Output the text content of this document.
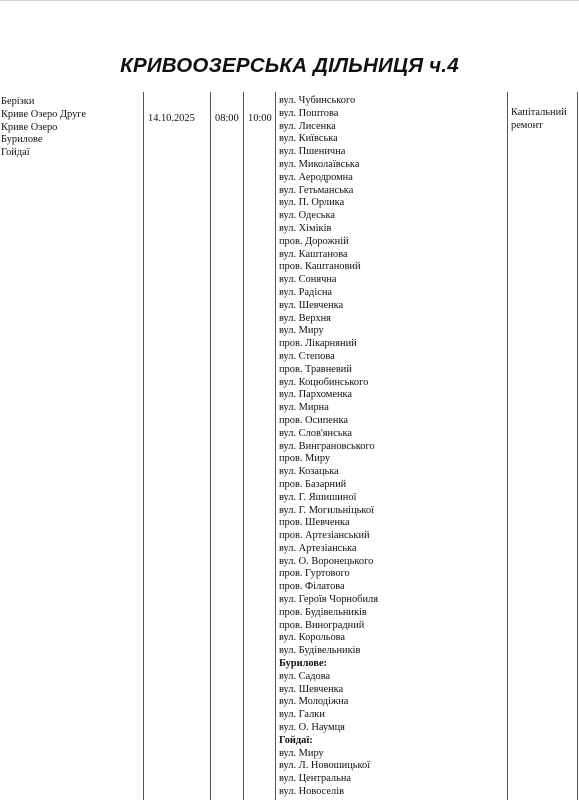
КРИВООЗЕРСЬКА ДІЛЬНИЦЯ ч.4
Берізки
Криве Озеро Друге
Криве Озеро
Бурилове
Гойдаї
14.10.2025 08:00 10:00
вул. Чубинського
вул. Поштова
вул. Лисенка
вул. Київська
вул. Пшенична
вул. Миколаївська
вул. Аеродромна
вул. Гетьманська
вул. П. Орлика
вул. Одеська
вул. Хіміків
пров. Дорожній
вул. Каштанова
пров. Каштановий
вул. Сонячна
вул. Радісна
вул. Шевченка
вул. Верхня
вул. Миру
пров. Лікарняний
вул. Степова
пров. Травневий
вул. Коцюбинського
вул. Пархоменка
вул. Мирна
пров. Осипенка
вул. Слов'янська
вул. Винграновського
пров. Миру
вул. Козацька
пров. Базарний
вул. Г. Яшишиної
вул. Г. Могильніцької
пров. Шевченка
пров. Артезіанський
вул. Артезіанська
вул. О. Воронецького
пров. Гуртового
пров. Філатова
вул. Героїв Чорнобиля
пров. Будівельників
пров. Виноградний
вул. Корольова
вул. Будівельників
Бурилове:
вул. Садова
вул. Шевченка
вул. Молодіжна
вул. Галки
вул. О. Наумця
Гойдаї:
вул. Миру
вул. Л. Новошицької
вул. Центральна
вул. Новоселів
Капітальний
ремонт
